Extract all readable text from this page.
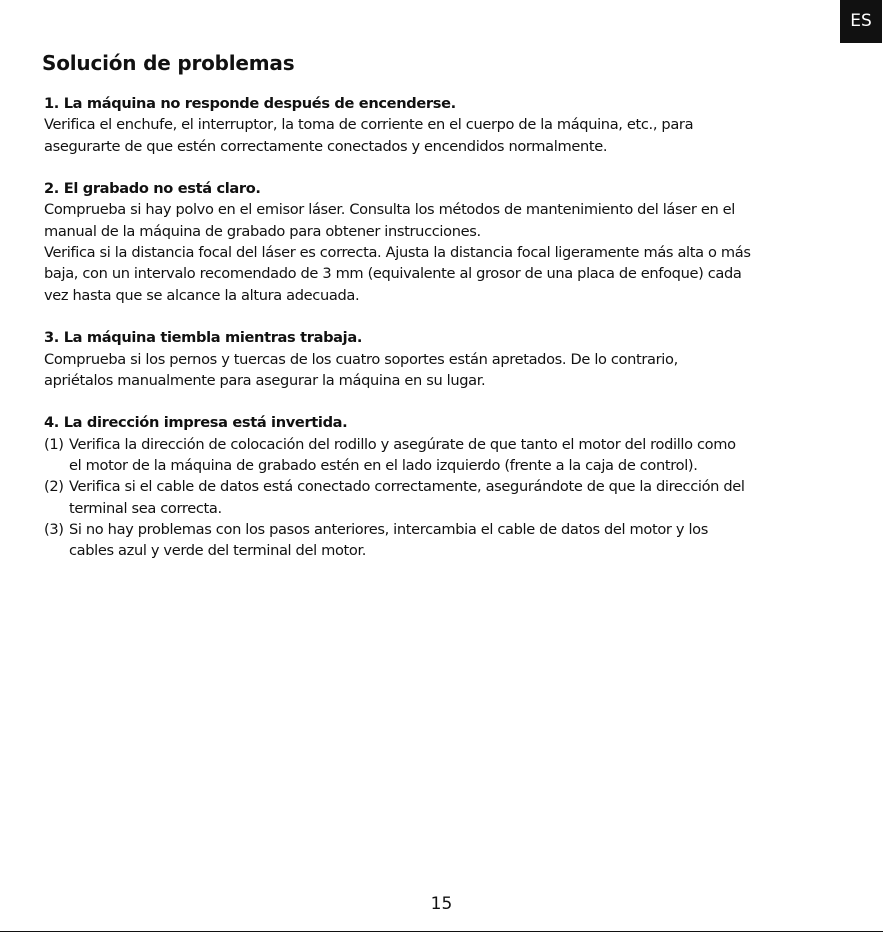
ES
Solución de problemas

1. La máquina no responde después de encenderse.

Verifica el enchufe, el interruptor, la toma de corriente en el cuerpo de la máquina, etc., para
asegurarte de que estén correctamente conectados y encendidos normalmente.

2. El grabado no está claro.

Comprueba si hay polvo en el emisor láser. Consulta los métodos de mantenimiento del láser en el
manual de la máquina de grabado para obtener instrucciones.

Verifica si la distancia focal del láser es correcta. Ajusta la distancia focal ligeramente más alta o más
baja, con un intervalo recomendado de 3 mm (equivalente al grosor de una placa de enfoque) cada
vez hasta que se alcance la altura adecuada.

3. La máquina tiembla mientras trabaja.

Comprueba si los pernos y tuercas de los cuatro soportes están apretados. De lo contrario,
apriétalos manualmente para asegurar la máquina en su lugar.

4. La dirección impresa está invertida.

(1) Verifica la dirección de colocación del rodillo y asegúrate de que tanto el motor del rodillo como
el motor de la máquina de grabado estén en el lado izquierdo (frente a la caja de control).
(2) Verifica si el cable de datos está conectado correctamente, asegurándote de que la dirección del
terminal sea correcta.
(3) Si no hay problemas con los pasos anteriores, intercambia el cable de datos del motor y los
cables azul y verde del terminal del motor.
15
